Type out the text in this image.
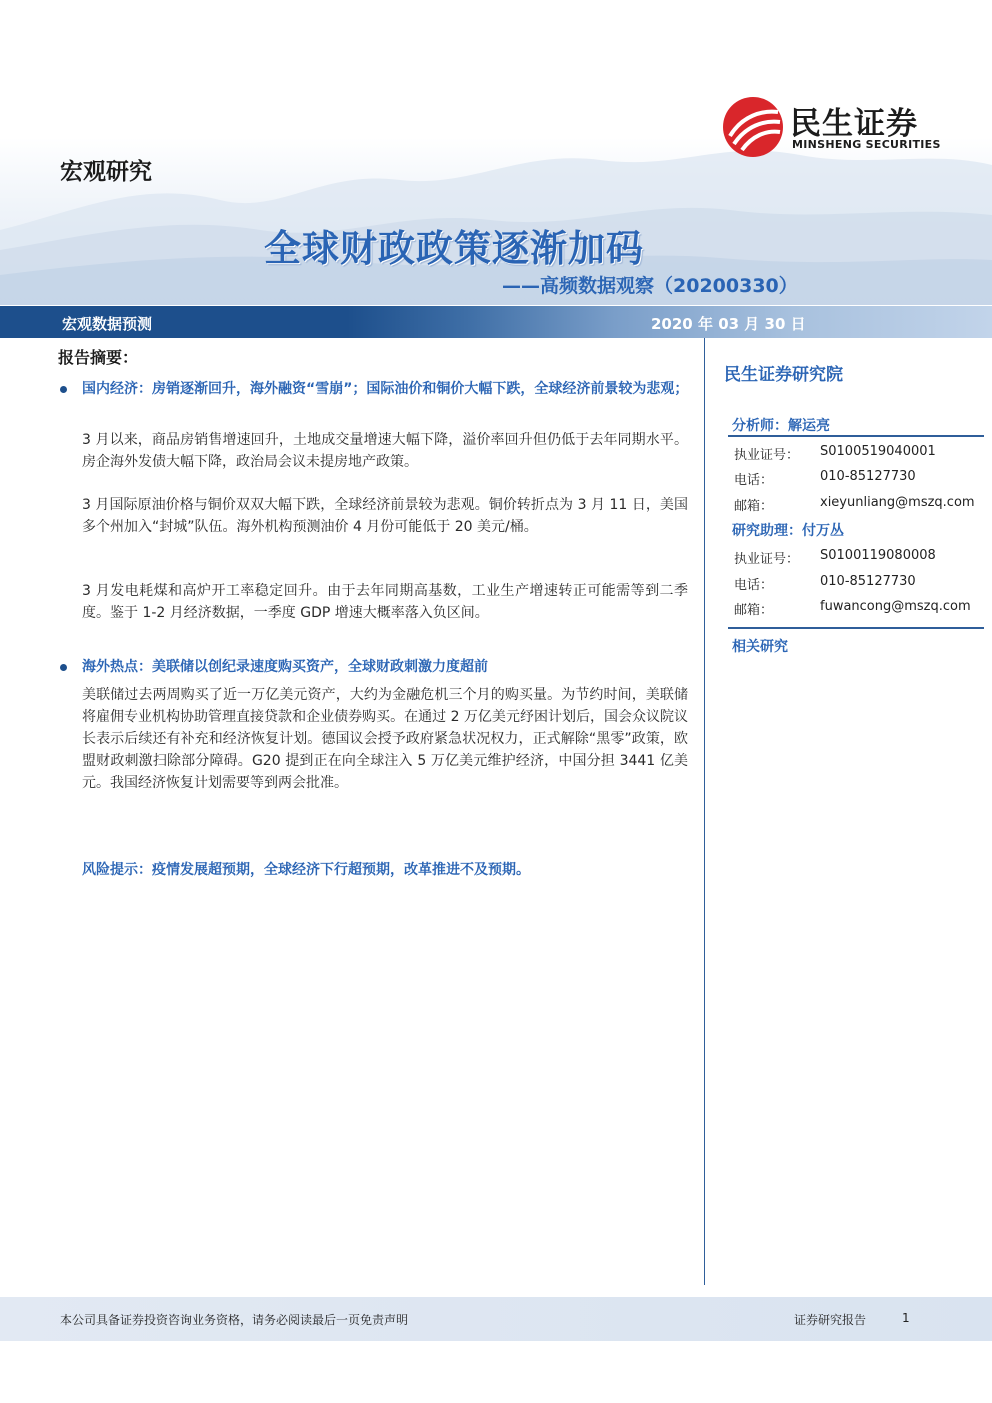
民生证券
MINSHENG SECURITIES
宏观研究
全球财政政策逐渐加码
——高频数据观察（20200330）
宏观数据预测	2020 年 03 月 30 日
报告摘要：
国内经济：房销逐渐回升，海外融资“雪崩”；国际油价和铜价大幅下跌，全球经济前景较为悲观；
3 月以来，商品房销售增速回升，土地成交量增速大幅下降，溢价率回升但仍低于去年同期水平。房企海外发债大幅下降，政治局会议未提房地产政策。
3 月国际原油价格与铜价双双大幅下跌，全球经济前景较为悲观。铜价转折点为 3 月 11 日，美国多个州加入“封城”队伍。海外机构预测油价 4 月份可能低于 20 美元/桶。
3 月发电耗煤和高炉开工率稳定回升。由于去年同期高基数，工业生产增速转正可能需等到二季度。鉴于 1-2 月经济数据，一季度 GDP 增速大概率落入负区间。
海外热点：美联储以创纪录速度购买资产，全球财政刺激力度超前
美联储过去两周购买了近一万亿美元资产，大约为金融危机三个月的购买量。为节约时间，美联储将雇佣专业机构协助管理直接贷款和企业债券购买。在通过 2 万亿美元纾困计划后，国会众议院议长表示后续还有补充和经济恢复计划。德国议会授予政府紧急状况权力，正式解除“黑零”政策，欧盟财政刺激扫除部分障碍。G20 提到正在向全球注入 5 万亿美元维护经济，中国分担 3441 亿美元。我国经济恢复计划需要等到两会批准。
风险提示：疫情发展超预期，全球经济下行超预期，改革推进不及预期。
民生证券研究院
分析师：解运亮
执业证号： S0100519040001
电话：	010-85127730
邮箱：	xieyunliang@mszq.com
研究助理：付万丛
执业证号： S0100119080008
电话：	010-85127730
邮箱：	fuwancong@mszq.com
相关研究
本公司具备证券投资咨询业务资格，请务必阅读最后一页免责声明	证券研究报告	1
